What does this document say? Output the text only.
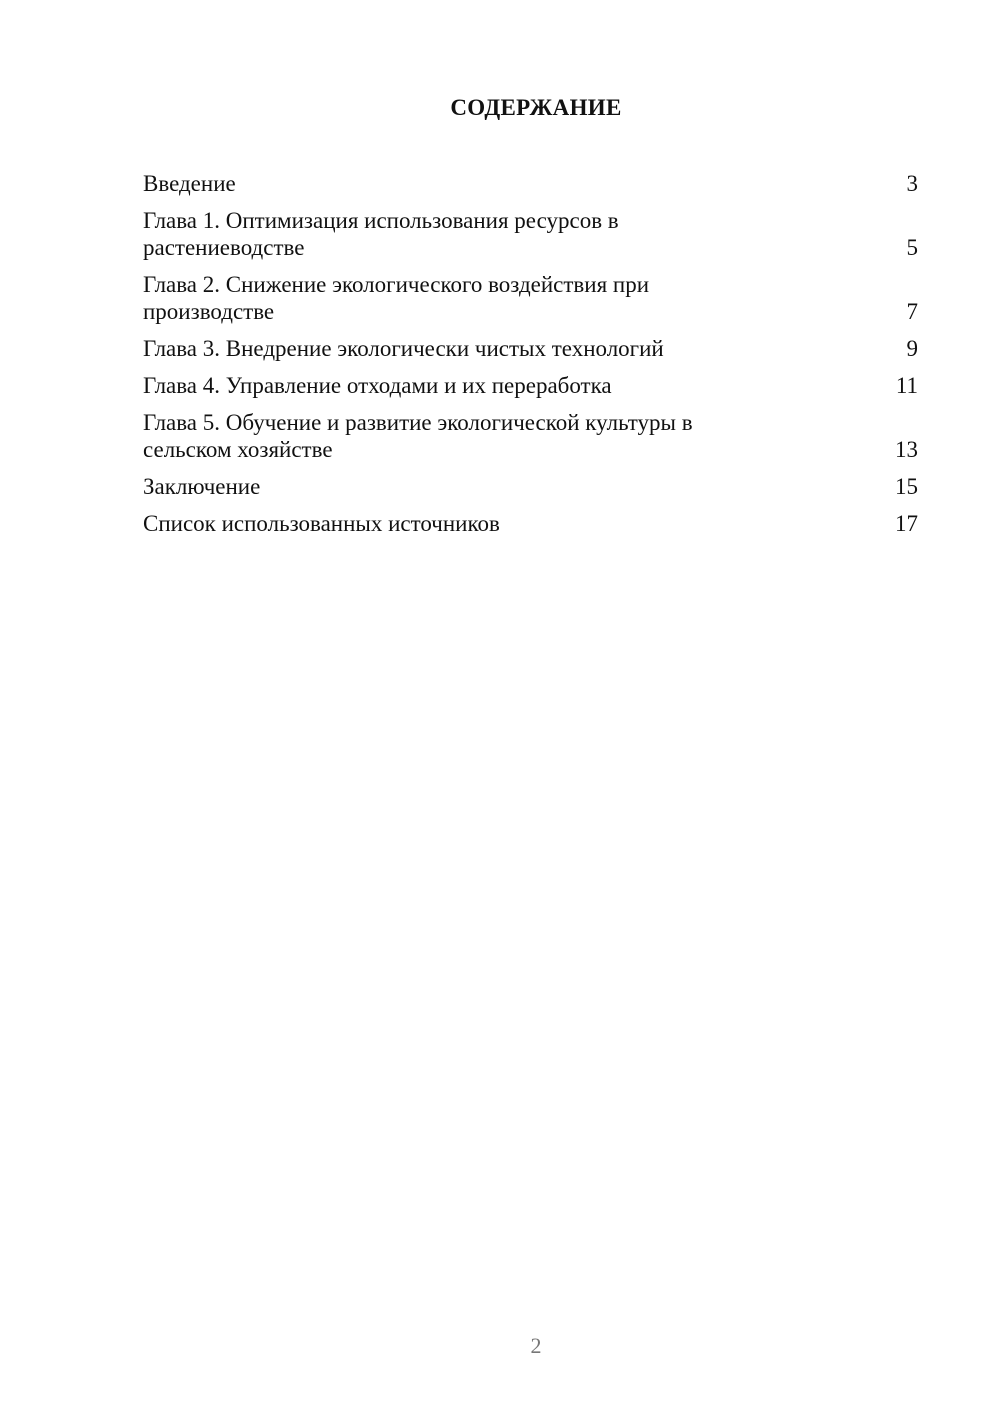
СОДЕРЖАНИЕ
Введение	3
Глава 1. Оптимизация использования ресурсов в растениеводстве	5
Глава 2. Снижение экологического воздействия при производстве	7
Глава 3. Внедрение экологически чистых технологий	9
Глава 4. Управление отходами и их переработка	11
Глава 5. Обучение и развитие экологической культуры в сельском хозяйстве	13
Заключение	15
Список использованных источников	17
2
